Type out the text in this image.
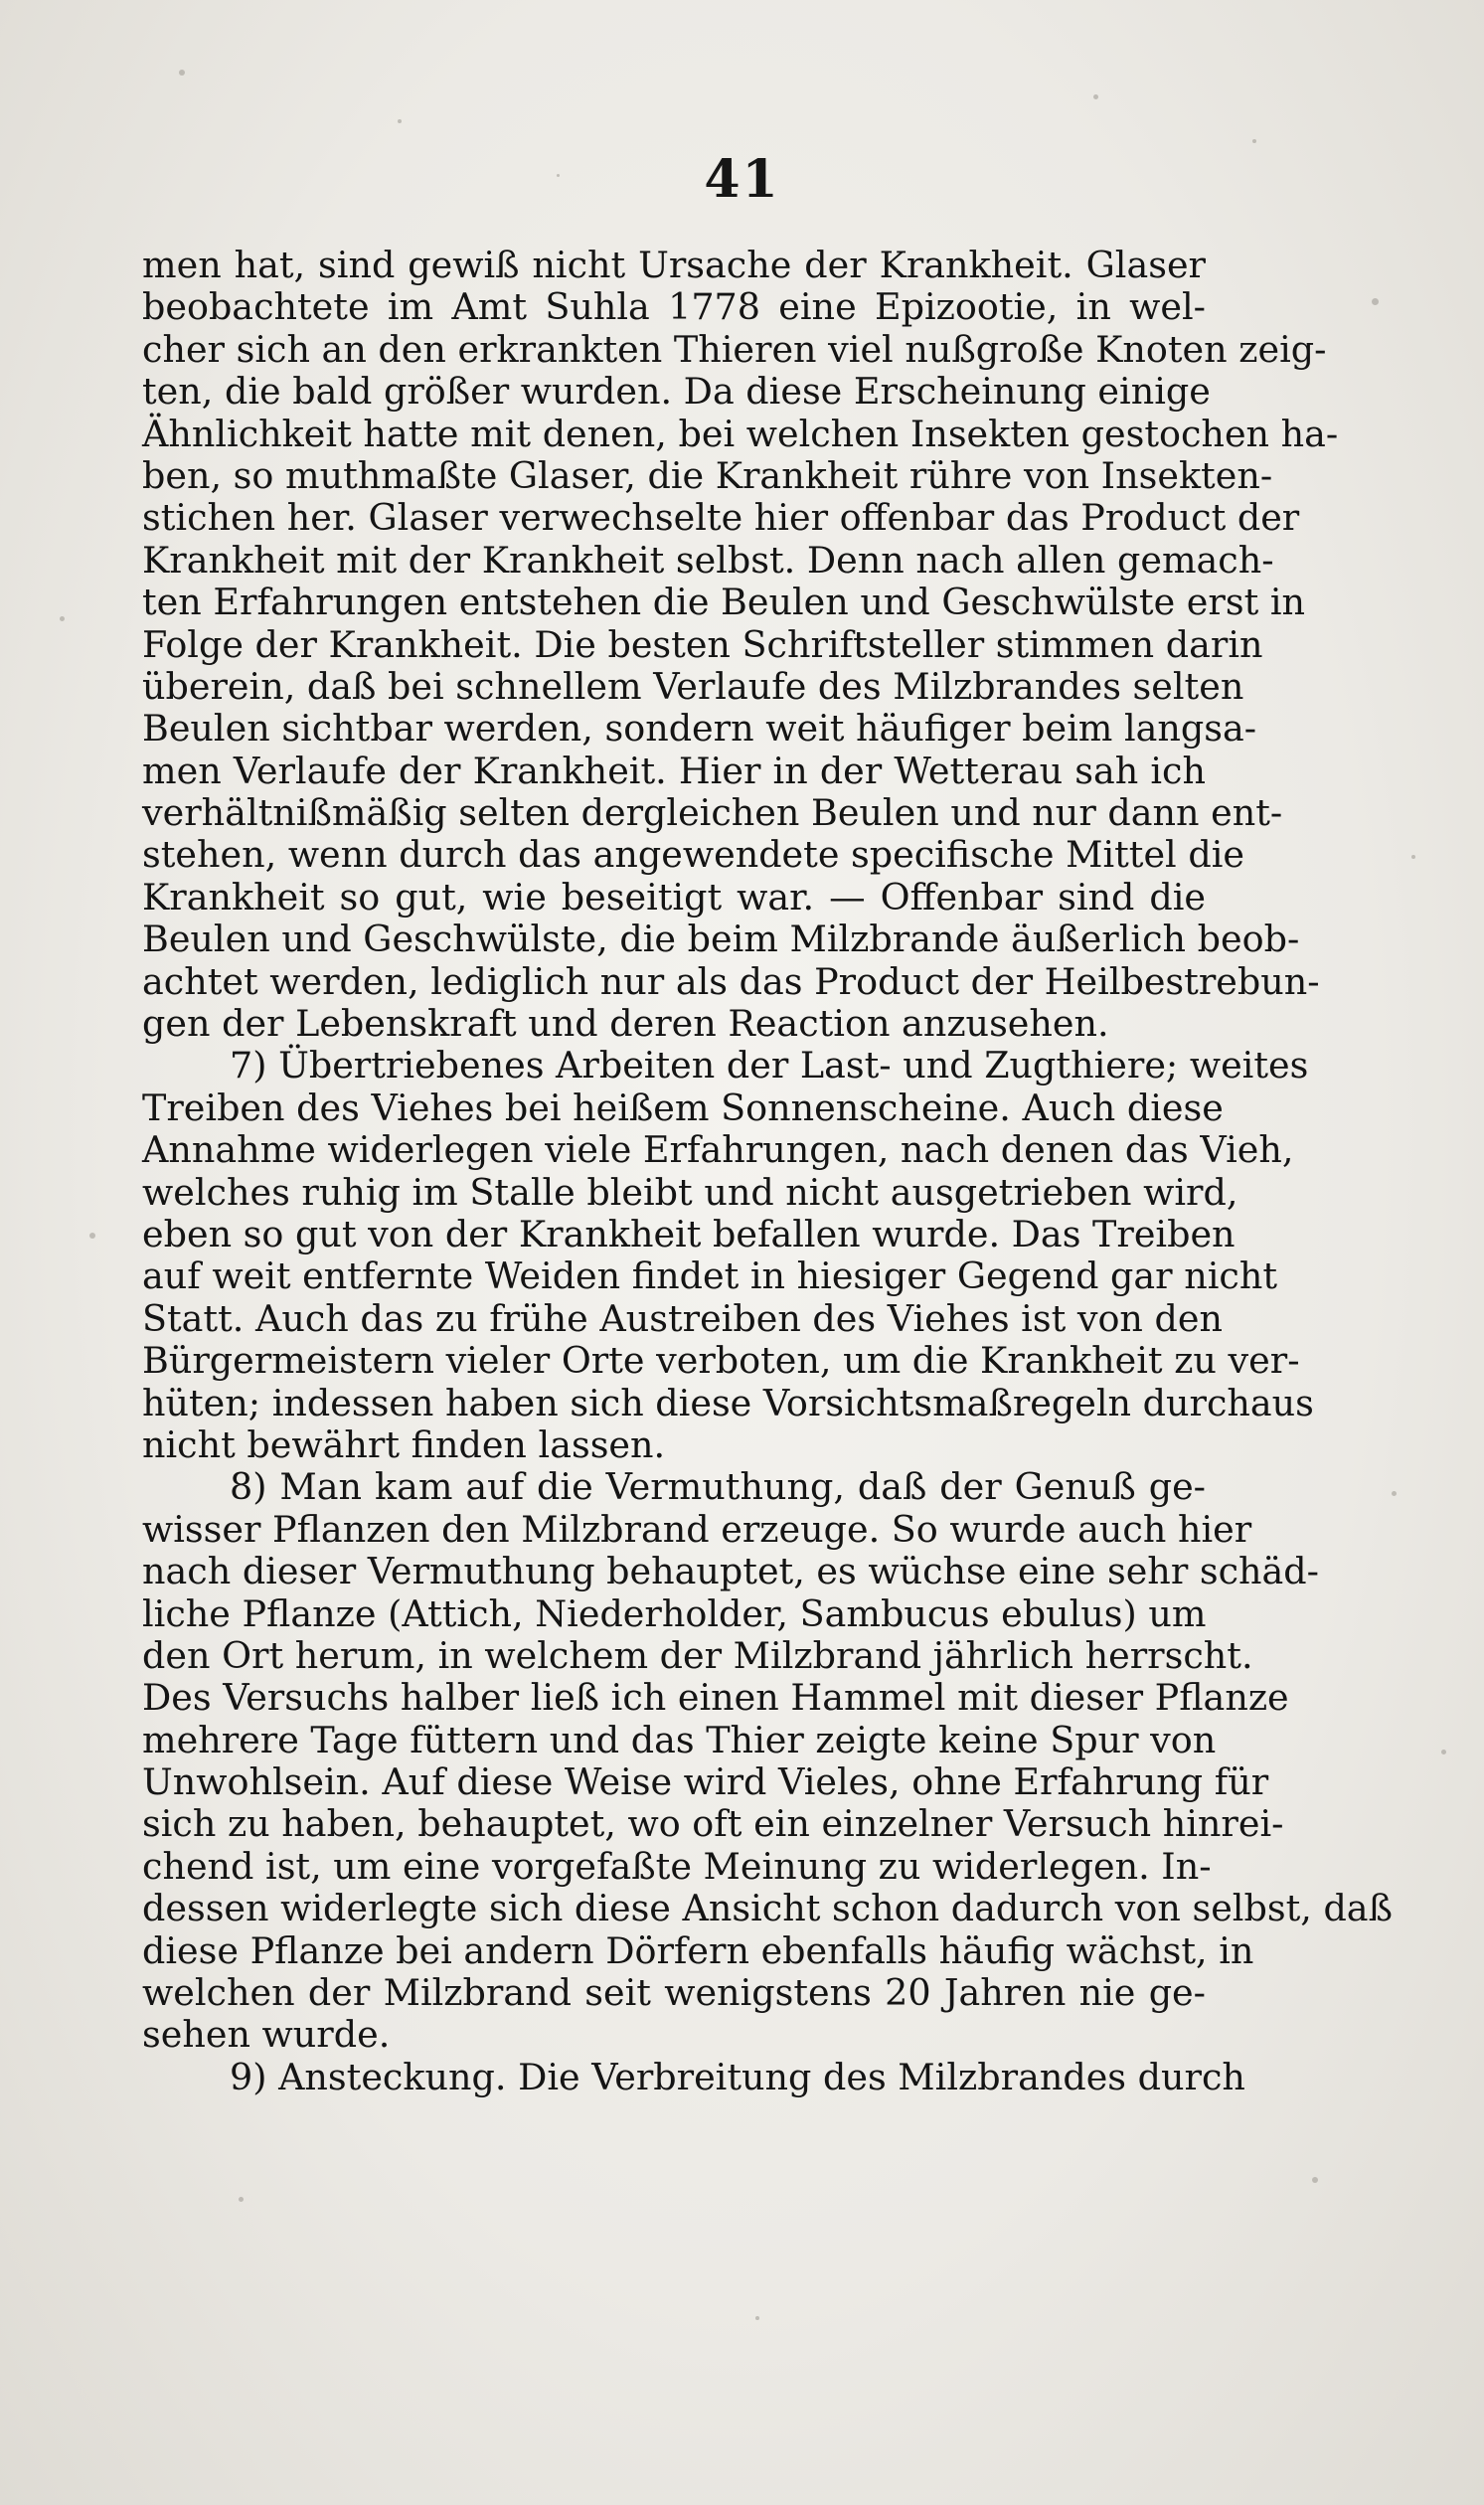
41
men hat, sind gewiß nicht Ursache der Krankheit. Glaser
beobachtete im Amt Suhla 1778 eine Epizootie, in wel-
cher sich an den erkrankten Thieren viel nußgroße Knoten zeig-
ten, die bald größer wurden. Da diese Erscheinung einige
Ähnlichkeit hatte mit denen, bei welchen Insekten gestochen ha-
ben, so muthmaßte Glaser, die Krankheit rühre von Insekten-
stichen her. Glaser verwechselte hier offenbar das Product der
Krankheit mit der Krankheit selbst. Denn nach allen gemach-
ten Erfahrungen entstehen die Beulen und Geschwülste erst in
Folge der Krankheit. Die besten Schriftsteller stimmen darin
überein, daß bei schnellem Verlaufe des Milzbrandes selten
Beulen sichtbar werden, sondern weit häufiger beim langsa-
men Verlaufe der Krankheit. Hier in der Wetterau sah ich
verhältnißmäßig selten dergleichen Beulen und nur dann ent-
stehen, wenn durch das angewendete specifische Mittel die
Krankheit so gut, wie beseitigt war. — Offenbar sind die
Beulen und Geschwülste, die beim Milzbrande äußerlich beob-
achtet werden, lediglich nur als das Product der Heilbestrebun-
gen der Lebenskraft und deren Reaction anzusehen.
7) Übertriebenes Arbeiten der Last- und Zugthiere; weites
Treiben des Viehes bei heißem Sonnenscheine. Auch diese
Annahme widerlegen viele Erfahrungen, nach denen das Vieh,
welches ruhig im Stalle bleibt und nicht ausgetrieben wird,
eben so gut von der Krankheit befallen wurde. Das Treiben
auf weit entfernte Weiden findet in hiesiger Gegend gar nicht
Statt. Auch das zu frühe Austreiben des Viehes ist von den
Bürgermeistern vieler Orte verboten, um die Krankheit zu ver-
hüten; indessen haben sich diese Vorsichtsmaßregeln durchaus
nicht bewährt finden lassen.
8) Man kam auf die Vermuthung, daß der Genuß ge-
wisser Pflanzen den Milzbrand erzeuge. So wurde auch hier
nach dieser Vermuthung behauptet, es wüchse eine sehr schäd-
liche Pflanze (Attich, Niederholder, Sambucus ebulus) um
den Ort herum, in welchem der Milzbrand jährlich herrscht.
Des Versuchs halber ließ ich einen Hammel mit dieser Pflanze
mehrere Tage füttern und das Thier zeigte keine Spur von
Unwohlsein. Auf diese Weise wird Vieles, ohne Erfahrung für
sich zu haben, behauptet, wo oft ein einzelner Versuch hinrei-
chend ist, um eine vorgefaßte Meinung zu widerlegen. In-
dessen widerlegte sich diese Ansicht schon dadurch von selbst, daß
diese Pflanze bei andern Dörfern ebenfalls häufig wächst, in
welchen der Milzbrand seit wenigstens 20 Jahren nie ge-
sehen wurde.
9) Ansteckung. Die Verbreitung des Milzbrandes durch
